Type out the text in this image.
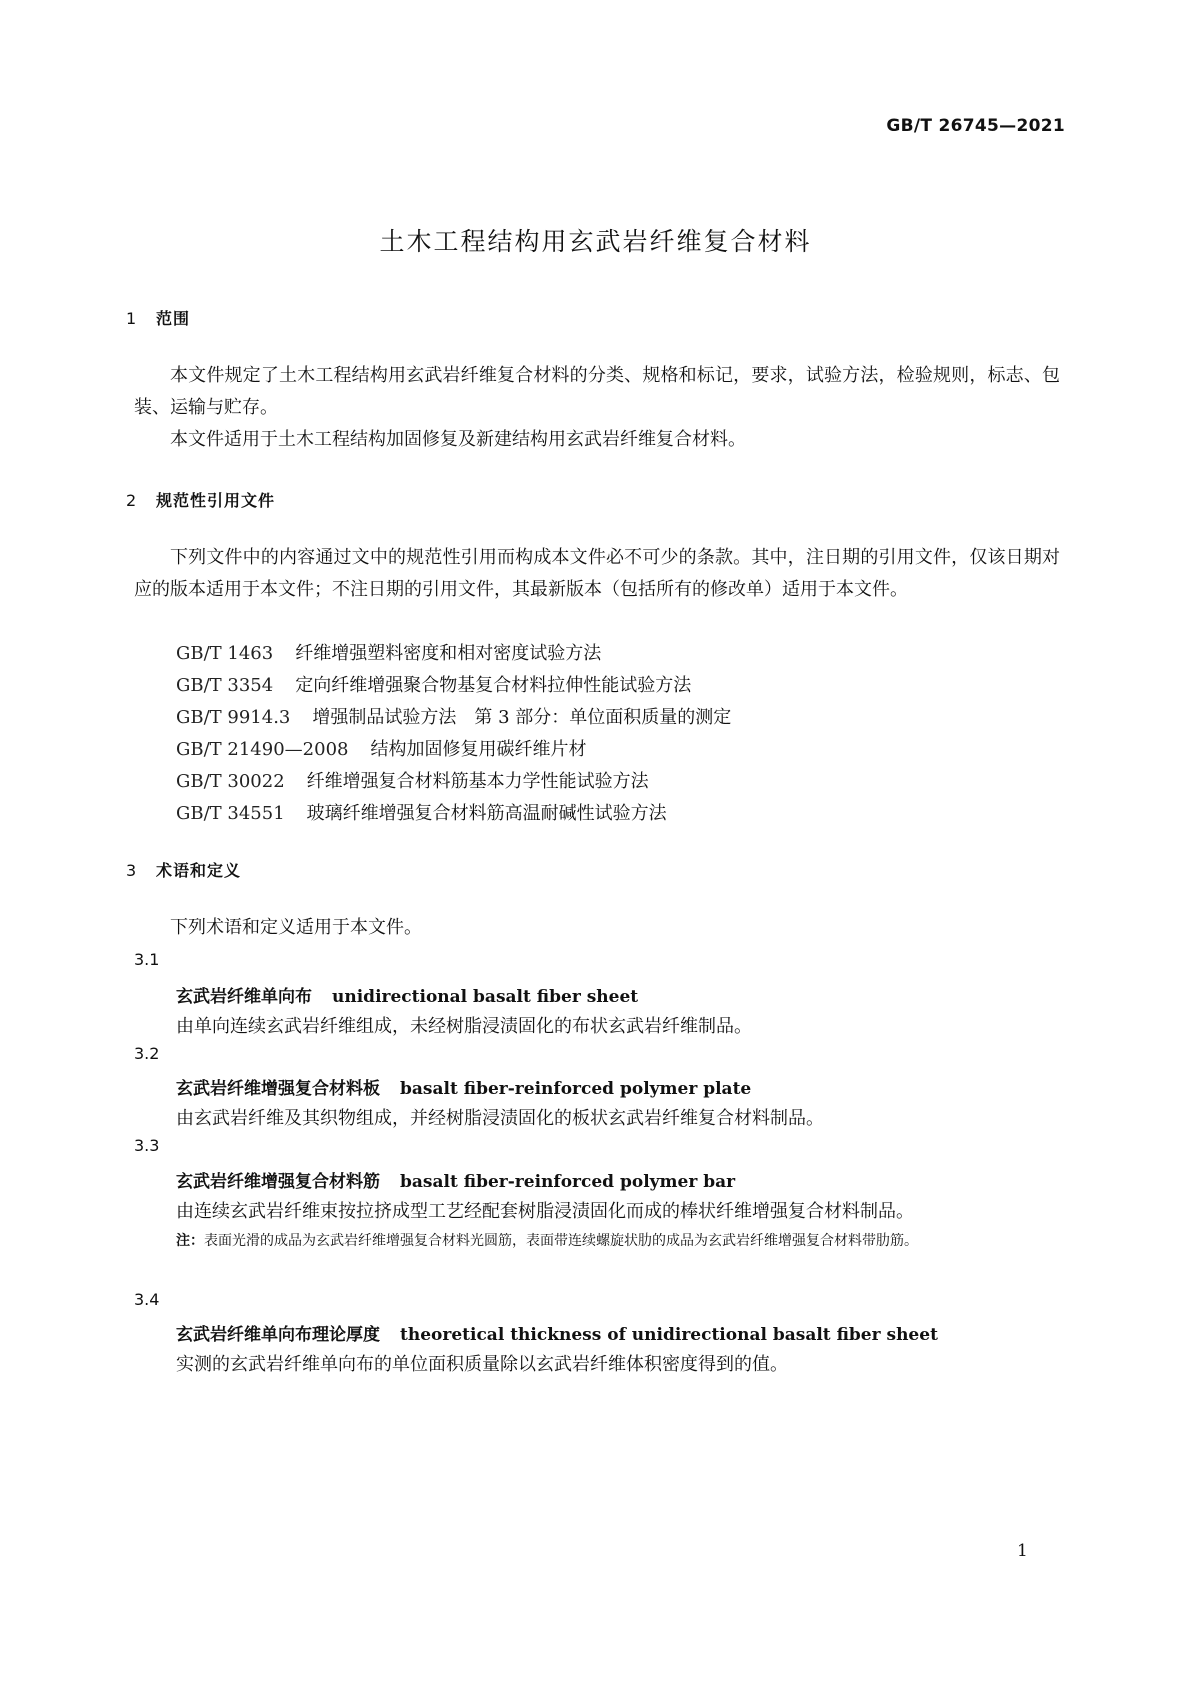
GB/T 26745—2021
土木工程结构用玄武岩纤维复合材料
1 范围
本文件规定了土木工程结构用玄武岩纤维复合材料的分类、规格和标记，要求，试验方法，检验规则，标志、包装、运输与贮存。
本文件适用于土木工程结构加固修复及新建结构用玄武岩纤维复合材料。
2 规范性引用文件
下列文件中的内容通过文中的规范性引用而构成本文件必不可少的条款。其中，注日期的引用文件，仅该日期对应的版本适用于本文件；不注日期的引用文件，其最新版本（包括所有的修改单）适用于本文件。
GB/T 1463 纤维增强塑料密度和相对密度试验方法
GB/T 3354 定向纤维增强聚合物基复合材料拉伸性能试验方法
GB/T 9914.3 增强制品试验方法　第 3 部分：单位面积质量的测定
GB/T 21490—2008 结构加固修复用碳纤维片材
GB/T 30022 纤维增强复合材料筋基本力学性能试验方法
GB/T 34551 玻璃纤维增强复合材料筋高温耐碱性试验方法
3 术语和定义
下列术语和定义适用于本文件。
3.1
玄武岩纤维单向布 unidirectional basalt fiber sheet
由单向连续玄武岩纤维组成，未经树脂浸渍固化的布状玄武岩纤维制品。
3.2
玄武岩纤维增强复合材料板 basalt fiber-reinforced polymer plate
由玄武岩纤维及其织物组成，并经树脂浸渍固化的板状玄武岩纤维复合材料制品。
3.3
玄武岩纤维增强复合材料筋 basalt fiber-reinforced polymer bar
由连续玄武岩纤维束按拉挤成型工艺经配套树脂浸渍固化而成的棒状纤维增强复合材料制品。
注：表面光滑的成品为玄武岩纤维增强复合材料光圆筋，表面带连续螺旋状肋的成品为玄武岩纤维增强复合材料带肋筋。
3.4
玄武岩纤维单向布理论厚度 theoretical thickness of unidirectional basalt fiber sheet
实测的玄武岩纤维单向布的单位面积质量除以玄武岩纤维体积密度得到的值。
1
